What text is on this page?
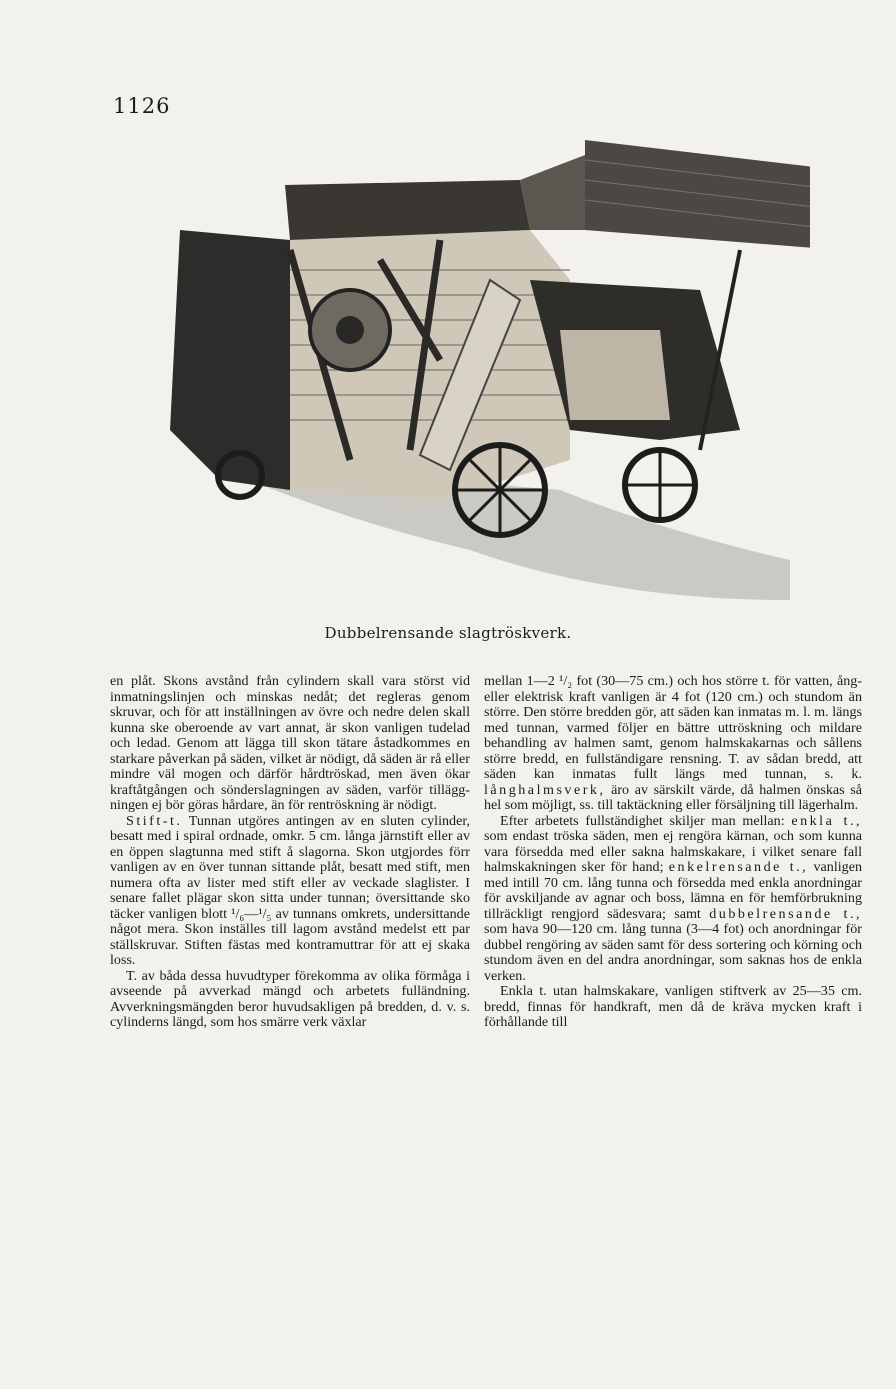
1126
Dubbelrensande slagtröskverk.

en plåt. Skons avstånd från cylindern skall vara störst vid inmatningslinjen och minskas nedåt; det regleras genom skruvar, och för att inställningen av övre och nedre delen skall kunna ske oberoende av vart annat, är skon vanligen tudelad och ledad. Genom att lägga till skon tätare åstadkommes en starkare påverkan på säden, vilket är nödigt, då säden är rå eller mindre väl mogen och därför hårdtröskad, men även ökar kraftåtgången och sönderslagningen av säden, varför tilläggningen ej bör göras hårdare, än för rentröskning är nödigt.

Stift-t. Tunnan utgöres antingen av en sluten cylinder, besatt med i spiral ordnade, omkr. 5 cm. långa järnstift eller av en öppen slagtunna med stift å slagorna. Skon utgjordes förr vanligen av en över tunnan sittande plåt, besatt med stift, men numera ofta av lister med stift eller av veckade slaglister. I senare fallet plägar skon sitta under tunnan; översittande sko täcker vanligen blott ¹/₆—¹/₅ av tunnans omkrets, undersittande något mera. Skon inställes till lagom avstånd medelst ett par ställskruvar. Stiften fästas med kontramuttrar för att ej skaka loss.

T. av båda dessa huvudtyper förekomma av olika förmåga i avseende på avverkad mängd och arbetets fulländning. Avverkningsmängden beror huvudsakligen på bredden, d. v. s. cylinderns längd, som hos smärre verk växlar

mellan 1—2 ¹/₂ fot (30—75 cm.) och hos större t. för vatten, ång- eller elektrisk kraft vanligen är 4 fot (120 cm.) och stundom än större. Den större bredden gör, att säden kan inmatas m. l. m. längs med tunnan, varmed följer en bättre uttröskning och mildare behandling av halmen samt, genom halmskakarnas och sållens större bredd, en fullständigare rensning. T. av sådan bredd, att säden kan inmatas fullt längs med tunnan, s. k. långhalmsverk, äro av särskilt värde, då halmen önskas så hel som möjligt, ss. till taktäckning eller försäljning till lägerhalm.

Efter arbetets fullständighet skiljer man mellan: enkla t., som endast tröska säden, men ej rengöra kärnan, och som kunna vara försedda med eller sakna halmskakare, i vilket senare fall halmskakningen sker för hand; enkelrensande t., vanligen med intill 70 cm. lång tunna och försedda med enkla anordningar för avskiljande av agnar och boss, lämna en för hemförbrukning tillräckligt rengjord sädesvara; samt dubbelrensande t., som hava 90—120 cm. lång tunna (3—4 fot) och anordningar för dubbel rengöring av säden samt för dess sortering och körning och stundom även en del andra anordningar, som saknas hos de enkla verken.

Enkla t. utan halmskakare, vanligen stiftverk av 25—35 cm. bredd, finnas för handkraft, men då de kräva mycken kraft i förhållande till
